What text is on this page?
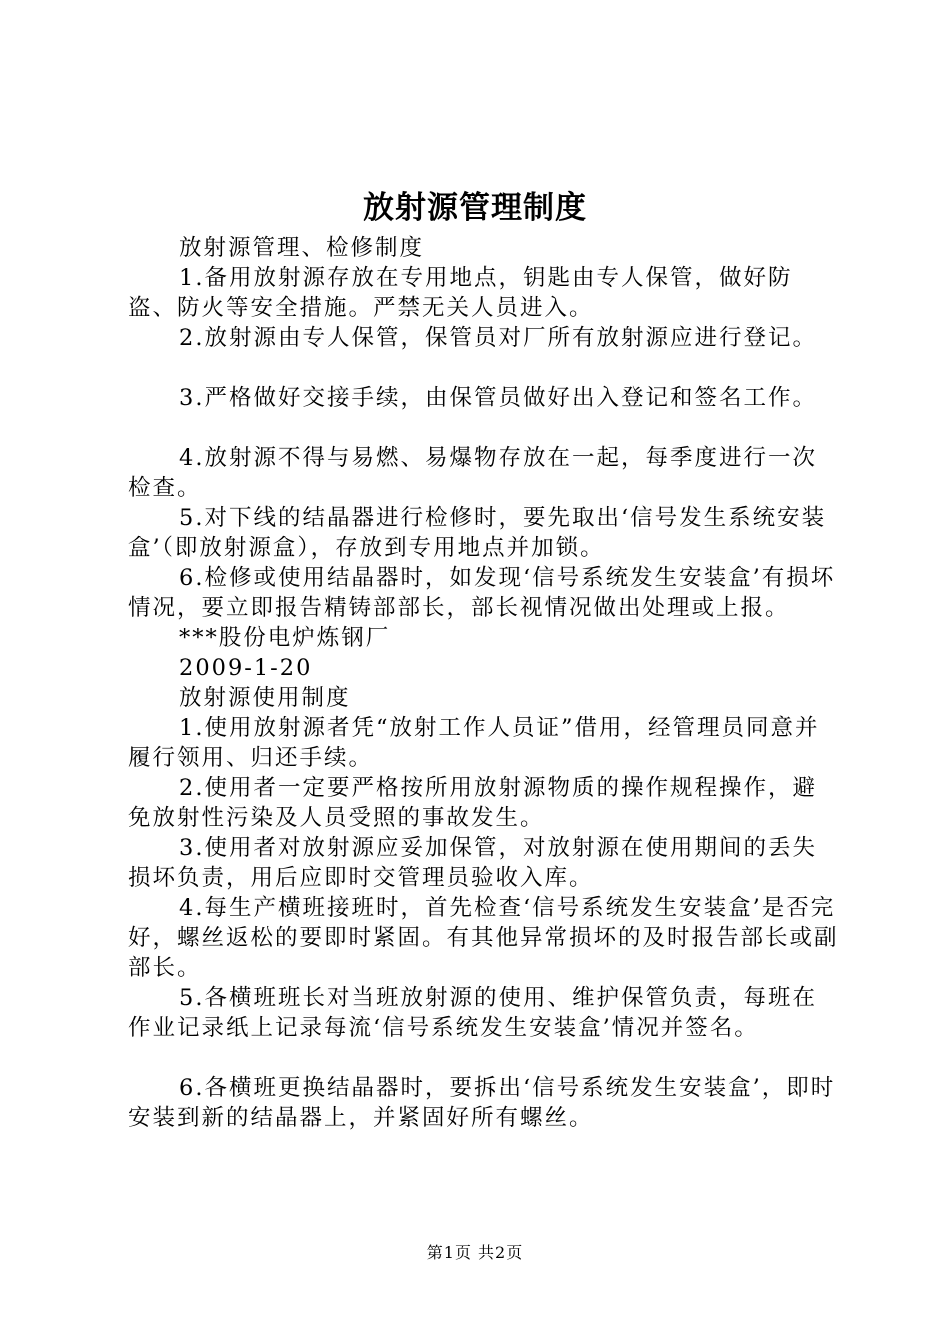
放射源管理制度

放射源管理、检修制度

1.备用放射源存放在专用地点，钥匙由专人保管，做好防盗、防火等安全措施。严禁无关人员进入。

2.放射源由专人保管，保管员对厂所有放射源应进行登记。

3.严格做好交接手续，由保管员做好出入登记和签名工作。

4.放射源不得与易燃、易爆物存放在一起，每季度进行一次检查。

5.对下线的结晶器进行检修时，要先取出‘信号发生系统安装盒’（即放射源盒），存放到专用地点并加锁。

6.检修或使用结晶器时，如发现‘信号系统发生安装盒’有损坏情况，要立即报告精铸部部长，部长视情况做出处理或上报。

***股份电炉炼钢厂

2009-1-20

放射源使用制度

1.使用放射源者凭“放射工作人员证”借用，经管理员同意并履行领用、归还手续。

2.使用者一定要严格按所用放射源物质的操作规程操作，避免放射性污染及人员受照的事故发生。

3.使用者对放射源应妥加保管，对放射源在使用期间的丢失损坏负责，用后应即时交管理员验收入库。

4.每生产横班接班时，首先检查‘信号系统发生安装盒’是否完好，螺丝返松的要即时紧固。有其他异常损坏的及时报告部长或副部长。

5.各横班班长对当班放射源的使用、维护保管负责，每班在作业记录纸上记录每流‘信号系统发生安装盒’情况并签名。

6.各横班更换结晶器时，要拆出‘信号系统发生安装盒’，即时安装到新的结晶器上，并紧固好所有螺丝。

第1页 共2页
